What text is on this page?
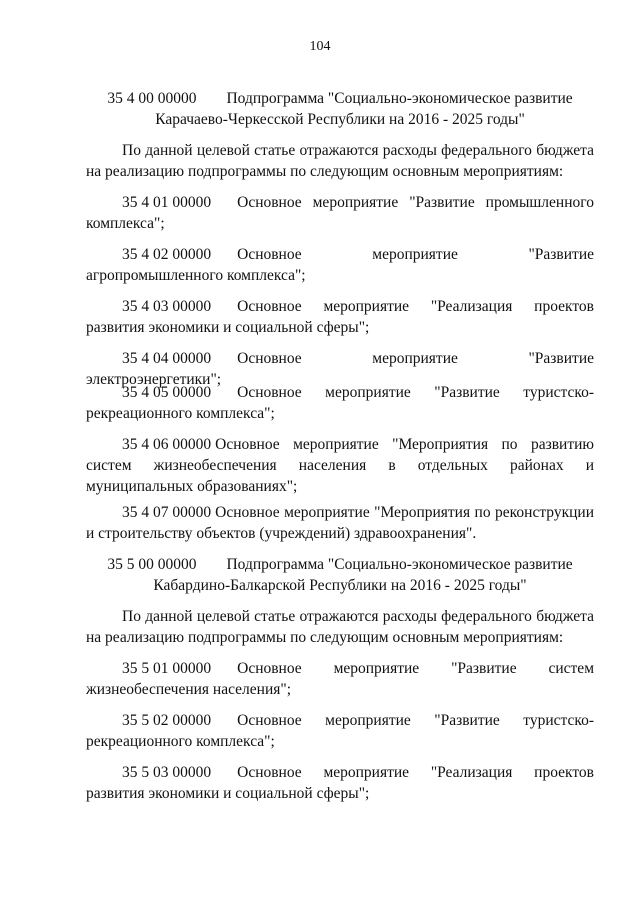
104
35 4 00 00000 Подпрограмма "Социально-экономическое развитие
Карачаево-Черкесской Республики на 2016 - 2025 годы"
По данной целевой статье отражаются расходы федерального бюджета на реализацию подпрограммы по следующим основным мероприятиям:
35 4 01 00000 Основное мероприятие "Развитие промышленного комплекса";
35 4 02 00000 Основное мероприятие "Развитие агропромышленного комплекса";
35 4 03 00000 Основное мероприятие "Реализация проектов развития экономики и социальной сферы";
35 4 04 00000 Основное мероприятие "Развитие электроэнергетики";
35 4 05 00000 Основное мероприятие "Развитие туристско-рекреационного комплекса";
35 4 06 00000 Основное мероприятие "Мероприятия по развитию систем жизнеобеспечения населения в отдельных районах и муниципальных образованиях";
35 4 07 00000 Основное мероприятие "Мероприятия по реконструкции и строительству объектов (учреждений) здравоохранения".
35 5 00 00000 Подпрограмма "Социально-экономическое развитие
Кабардино-Балкарской Республики на 2016 - 2025 годы"
По данной целевой статье отражаются расходы федерального бюджета на реализацию подпрограммы по следующим основным мероприятиям:
35 5 01 00000 Основное мероприятие "Развитие систем жизнеобеспечения населения";
35 5 02 00000 Основное мероприятие "Развитие туристско-рекреационного комплекса";
35 5 03 00000 Основное мероприятие "Реализация проектов развития экономики и социальной сферы";
